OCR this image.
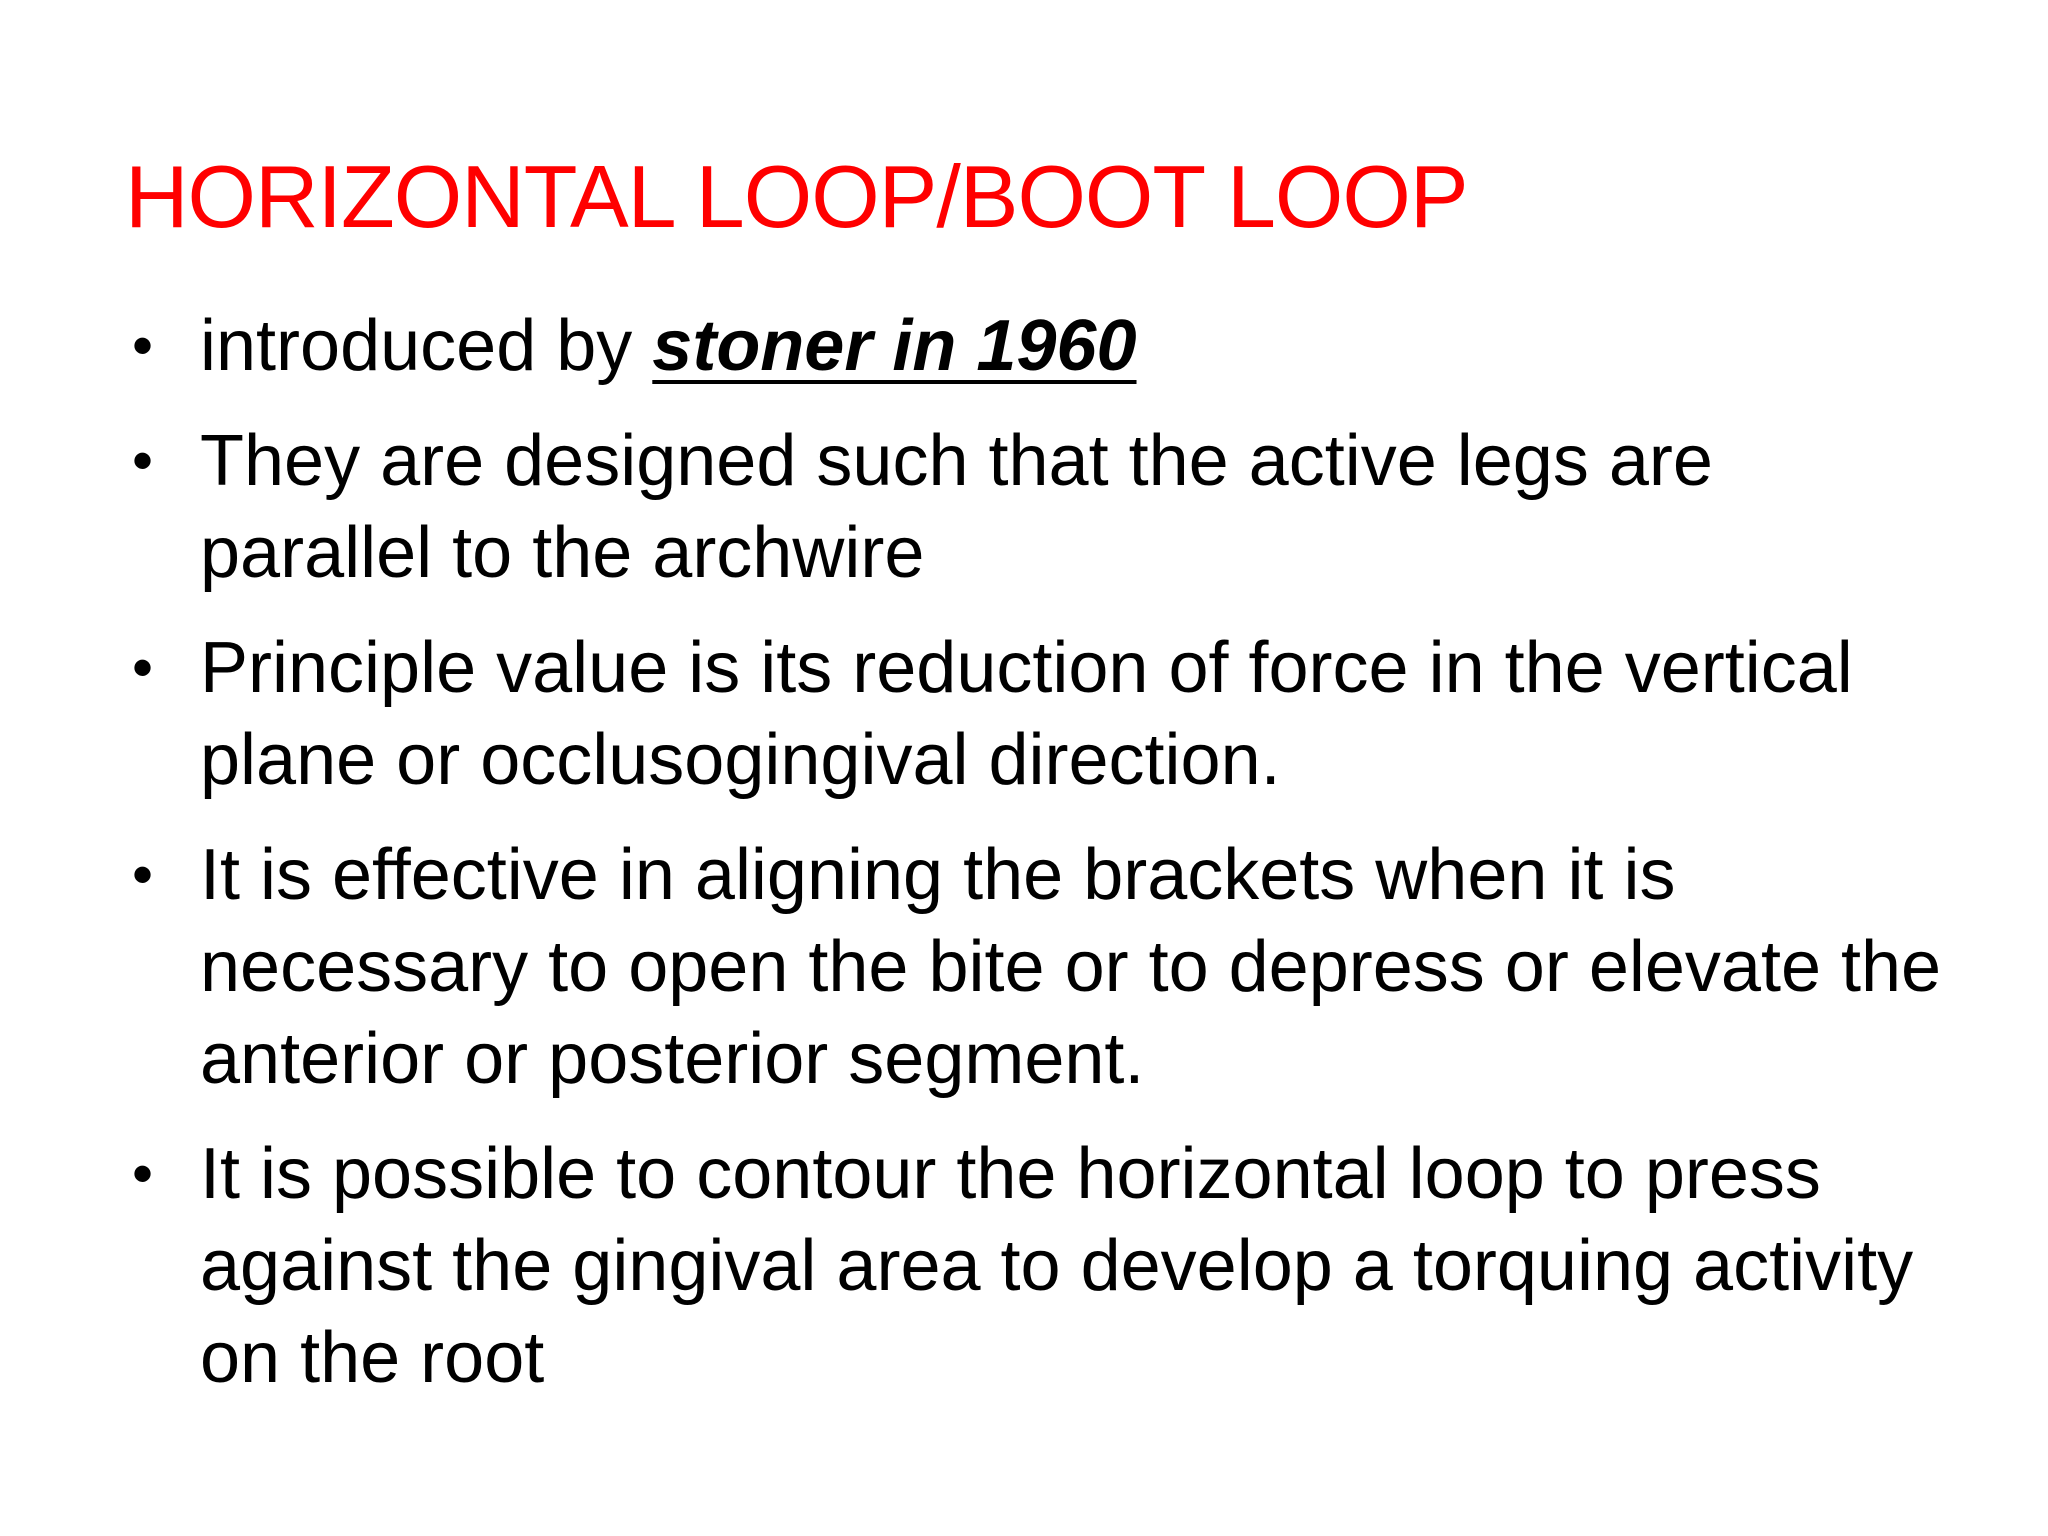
HORIZONTAL LOOP/BOOT LOOP
• introduced by stoner in 1960
• They are designed such that the active legs are parallel to the archwire
• Principle value is its reduction of force in the vertical plane or occlusogingival direction.
• It is effective in aligning the brackets when it is necessary to open the bite or to depress or elevate the anterior or posterior segment.
• It is possible to contour the horizontal loop to press against the gingival area to develop a torquing activity on the root
